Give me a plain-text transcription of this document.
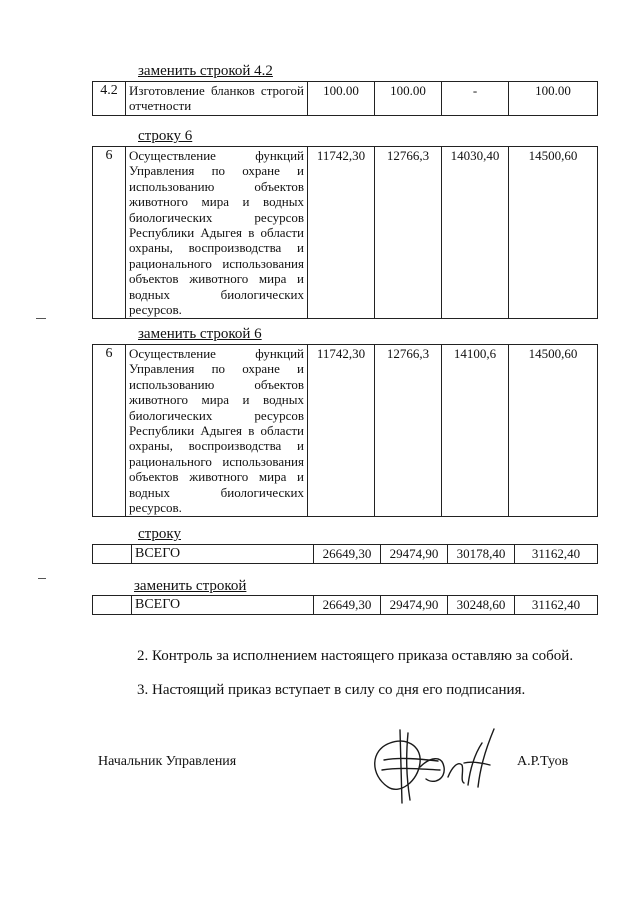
заменить строкой 4.2
4.2	Изготовление бланков строгой отчетности	100.00	100.00	-	100.00
строку 6
6	Осуществление функций Управления по охране и использованию объектов животного мира и водных биологических ресурсов Республики Адыгея в области охраны, воспроизводства и рационального использования объектов животного мира и водных биологических ресурсов.	11742,30	12766,3	14030,40	14500,60
заменить строкой 6
6	Осуществление функций Управления по охране и использованию объектов животного мира и водных биологических ресурсов Республики Адыгея в области охраны, воспроизводства и рационального использования объектов животного мира и водных биологических ресурсов.	11742,30	12766,3	14100,6	14500,60
строку
	ВСЕГО	26649,30	29474,90	30178,40	31162,40
заменить строкой
	ВСЕГО	26649,30	29474,90	30248,60	31162,40
2. Контроль за исполнением настоящего приказа оставляю за собой.
3. Настоящий приказ вступает в силу со дня его подписания.
Начальник Управления	А.Р.Туов
